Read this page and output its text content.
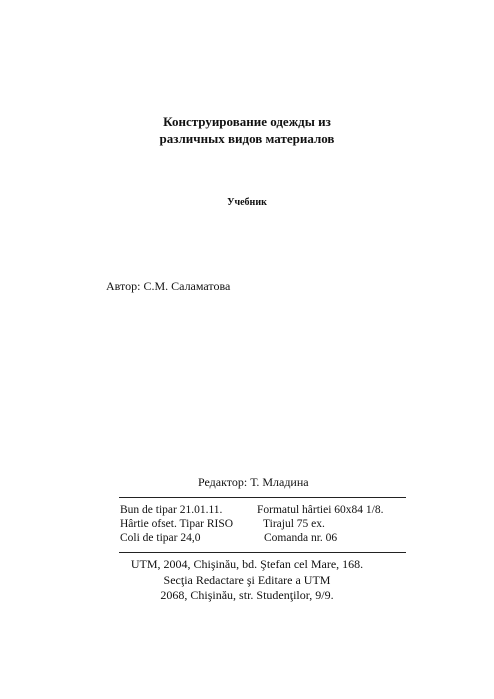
Конструирование одежды из
различных видов материалов
Учебник
Автор: С.М. Саламатова
Редактор: Т. Младина
Bun de tipar 21.01.11.	Formatul hârtiei 60x84 1/8.
Hârtie ofset. Tipar RISO	Tirajul 75 ex.
Coli de tipar 24,0	Comanda nr. 06
UTM, 2004, Chişinău, bd. Ştefan cel Mare, 168.
Secţia Redactare şi Editare a UTM
2068, Chişinău, str. Studenţilor, 9/9.
